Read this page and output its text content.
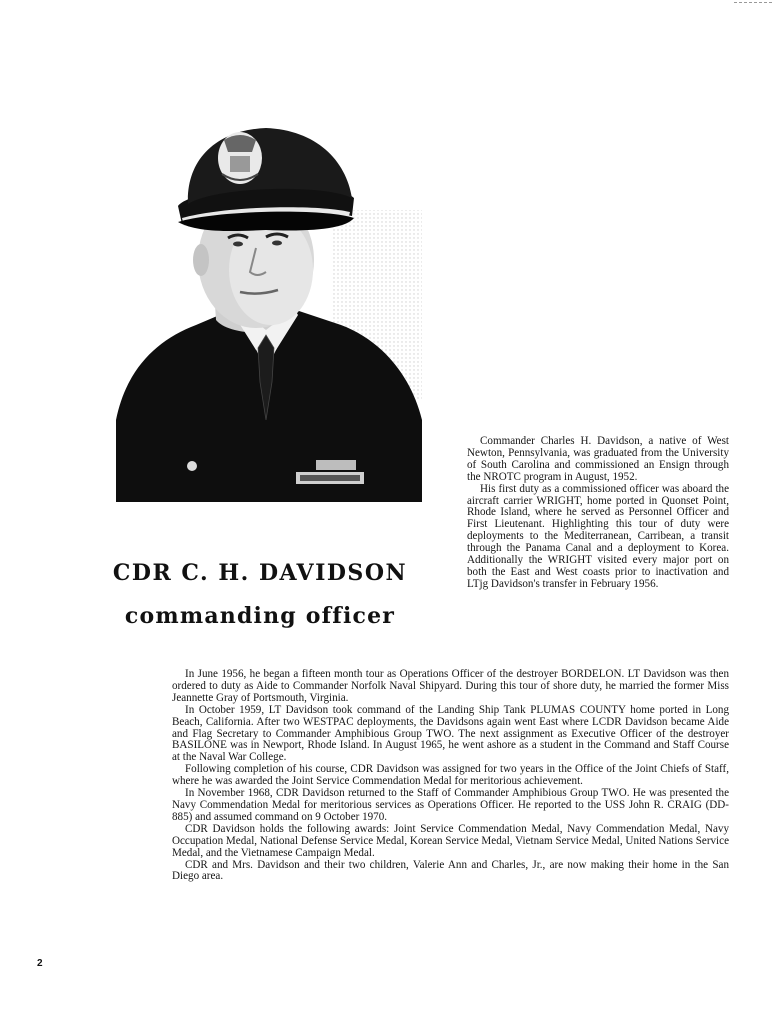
CDR C. H. DAVIDSON
commanding officer

Commander Charles H. Davidson, a native of West Newton, Pennsylvania, was graduated from the University of South Carolina and commissioned an Ensign through the NROTC program in August, 1952.

His first duty as a commissioned officer was aboard the aircraft carrier WRIGHT, home ported in Quonset Point, Rhode Island, where he served as Personnel Officer and First Lieutenant. Highlighting this tour of duty were deployments to the Mediterranean, Carribean, a transit through the Panama Canal and a deployment to Korea. Additionally the WRIGHT visited every major port on both the East and West coasts prior to inactivation and LTjg Davidson's transfer in February 1956.

In June 1956, he began a fifteen month tour as Operations Officer of the destroyer BORDELON. LT Davidson was then ordered to duty as Aide to Commander Norfolk Naval Shipyard. During this tour of shore duty, he married the former Miss Jeannette Gray of Portsmouth, Virginia.

In October 1959, LT Davidson took command of the Landing Ship Tank PLUMAS COUNTY home ported in Long Beach, California. After two WESTPAC deployments, the Davidsons again went East where LCDR Davidson became Aide and Flag Secretary to Commander Amphibious Group TWO. The next assignment as Executive Officer of the destroyer BASILONE was in Newport, Rhode Island. In August 1965, he went ashore as a student in the Command and Staff Course at the Naval War College.

Following completion of his course, CDR Davidson was assigned for two years in the Office of the Joint Chiefs of Staff, where he was awarded the Joint Service Commendation Medal for meritorious achievement.

In November 1968, CDR Davidson returned to the Staff of Commander Amphibious Group TWO. He was presented the Navy Commendation Medal for meritorious services as Operations Officer. He reported to the USS John R. CRAIG (DD-885) and assumed command on 9 October 1970.

CDR Davidson holds the following awards: Joint Service Commendation Medal, Navy Commendation Medal, Navy Occupation Medal, National Defense Service Medal, Korean Service Medal, Vietnam Service Medal, United Nations Service Medal, and the Vietnamese Campaign Medal.

CDR and Mrs. Davidson and their two children, Valerie Ann and Charles, Jr., are now making their home in the San Diego area.

2
